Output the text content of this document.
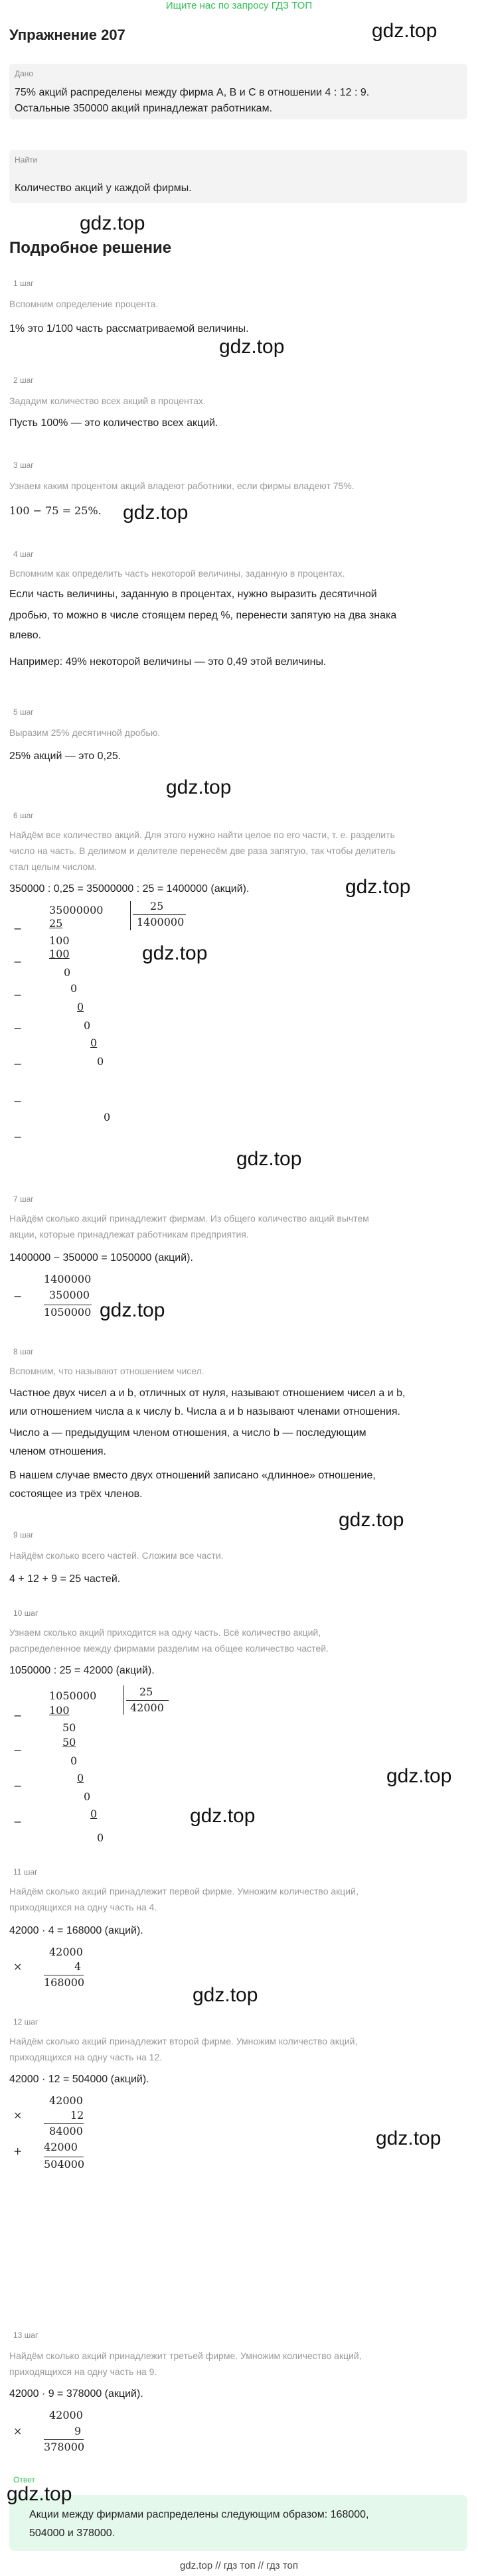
Ищите нас по запросу ГДЗ ТОП
Упражнение 207	gdz.top
Дано
75% акций распределены между фирма А, В и С в отношении 4 : 12 : 9.
Остальные 350000 акций принадлежат работникам.
Найти
Количество акций у каждой фирмы.
gdz.top
Подробное решение
1 шаг
Вспомним определение процента.
1% это 1/100 часть рассматриваемой величины.
gdz.top
2 шаг
Зададим количество всех акций в процентах.
Пусть 100% — это количество всех акций.
3 шаг
Узнаем каким процентом акций владеют работники, если фирмы владеют 75%.
100 − 75 = 25%. gdz.top
4 шаг
Вспомним как определить часть некоторой величины, заданную в процентах.
Если часть величины, заданную в процентах, нужно выразить десятичной
дробью, то можно в числе стоящем перед %, перенести запятую на два знака
влево.
Например: 49% некоторой величины — это 0,49 этой величины.
5 шаг
Выразим 25% десятичной дробью.
25% акций — это 0,25.
gdz.top
6 шаг
Найдём все количество акций. Для этого нужно найти целое по его части, т. е. разделить
число на часть. В делимом и делителе перенесём две раза запятую, так чтобы делитель
стал целым числом.
350000 : 0,25 = 35000000 : 25 = 1400000 (акций).	gdz.top
−
−
−
−
−
−
−
35000000
25
100
100
0
0
0
0
0
0
0
25
1400000
gdz.top
gdz.top
7 шаг
Найдём сколько акций принадлежит фирмам. Из общего количество акций вычтем
акции, которые принадлежат работникам предприятия.
1400000 − 350000 = 1050000 (акций).
−
1400000
350000
1050000 gdz.top
8 шаг
Вспомним, что называют отношением чисел.
Частное двух чисел a и b, отличных от нуля, называют отношением чисел a и b,
или отношением числа a к числу b. Числа a и b называют членами отношения.
Число a — предыдущим членом отношения, а число b — последующим
членом отношения.
В нашем случае вместо двух отношений записано «длинное» отношение,
состоящее из трёх членов.
gdz.top
9 шаг
Найдём сколько всего частей. Сложим все части.
4 + 12 + 9 = 25 частей.
10 шаг
Узнаем сколько акций приходится на одну часть. Всё количество акций,
распределенное между фирмами разделим на общее количество частей.
1050000 : 25 = 42000 (акций).
−
−
−
−
1050000
100
50
50
0
0
0
0
0
25
42000
gdz.top
gdz.top
11 шаг
Найдём сколько акций принадлежит первой фирме. Умножим количество акций,
приходящихся на одну часть на 4.
42000 · 4 = 168000 (акций).
×
42000
4
168000
gdz.top
12 шаг
Найдём сколько акций принадлежит второй фирме. Умножим количество акций,
приходящихся на одну часть на 12.
42000 · 12 = 504000 (акций).
×
+
42000
12
84000
42000
504000
gdz.top
13 шаг
Найдём сколько акций принадлежит третьей фирме. Умножим количество акций,
приходящихся на одну часть на 9.
42000 · 9 = 378000 (акций).
×
42000
9
378000
Ответ
gdz.top
Акции между фирмами распределены следующим образом: 168000,
504000 и 378000.
gdz.top // гдз топ // гдз топ
